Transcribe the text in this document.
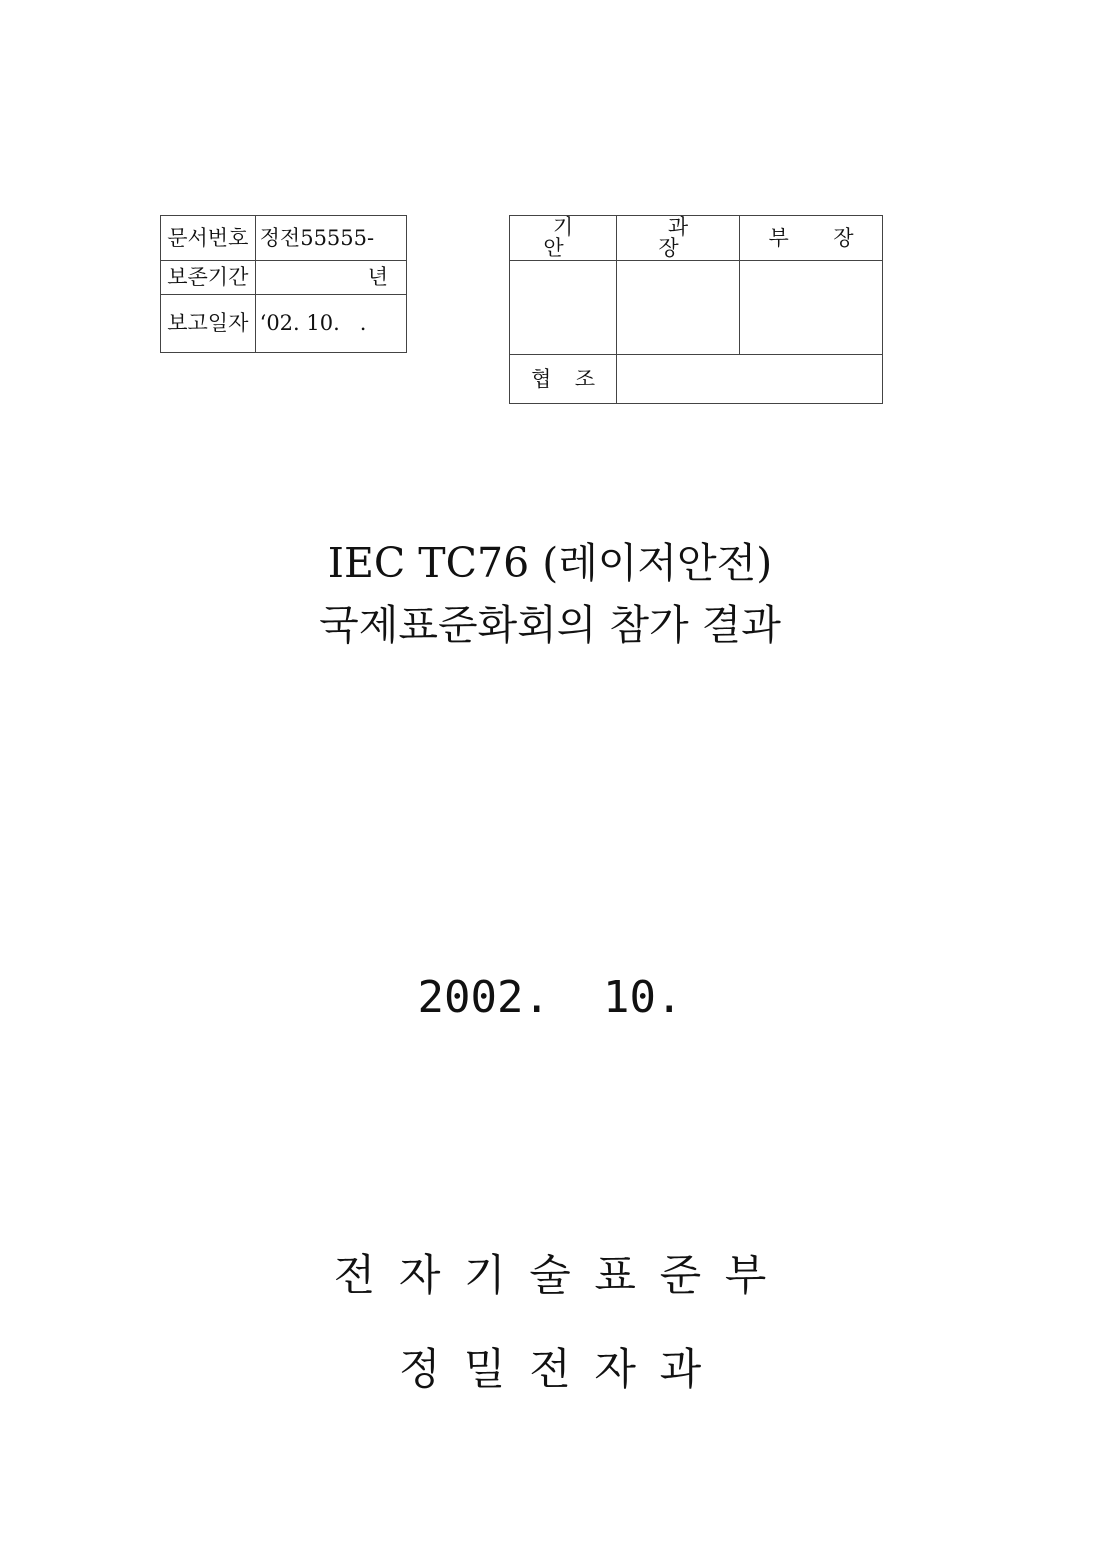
문서번호	정전55555-
보존기간	년
보고일자	‘02. 10.   .
기 안	과 장	부 장

협 조		
IEC TC76 (레이저안전)
국제표준화회의 참가 결과
2002.  10.
전자기술표준부
정밀전자과
